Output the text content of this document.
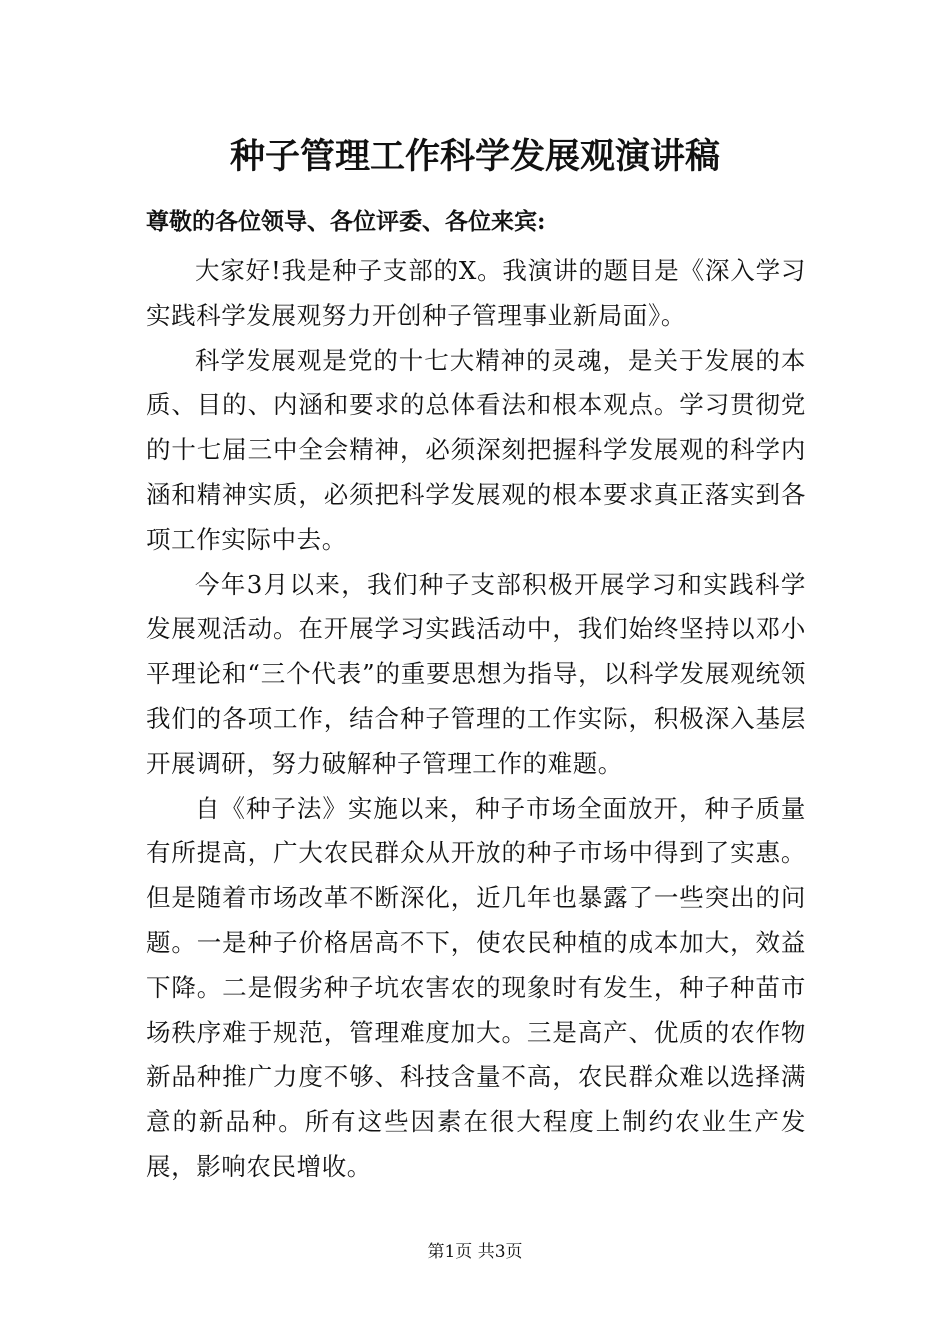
种子管理工作科学发展观演讲稿
尊敬的各位领导、各位评委、各位来宾:

大家好!我是种子支部的X。我演讲的题目是《深入学习实践科学发展观努力开创种子管理事业新局面》。

科学发展观是党的十七大精神的灵魂，是关于发展的本质、目的、内涵和要求的总体看法和根本观点。学习贯彻党的十七届三中全会精神，必须深刻把握科学发展观的科学内涵和精神实质，必须把科学发展观的根本要求真正落实到各项工作实际中去。

今年3月以来，我们种子支部积极开展学习和实践科学发展观活动。在开展学习实践活动中，我们始终坚持以邓小平理论和“三个代表”的重要思想为指导，以科学发展观统领我们的各项工作，结合种子管理的工作实际，积极深入基层开展调研，努力破解种子管理工作的难题。

自《种子法》实施以来，种子市场全面放开，种子质量有所提高，广大农民群众从开放的种子市场中得到了实惠。但是随着市场改革不断深化，近几年也暴露了一些突出的问题。一是种子价格居高不下，使农民种植的成本加大，效益下降。二是假劣种子坑农害农的现象时有发生，种子种苗市场秩序难于规范，管理难度加大。三是高产、优质的农作物新品种推广力度不够、科技含量不高，农民群众难以选择满意的新品种。所有这些因素在很大程度上制约农业生产发展，影响农民增收。

第1页 共3页
